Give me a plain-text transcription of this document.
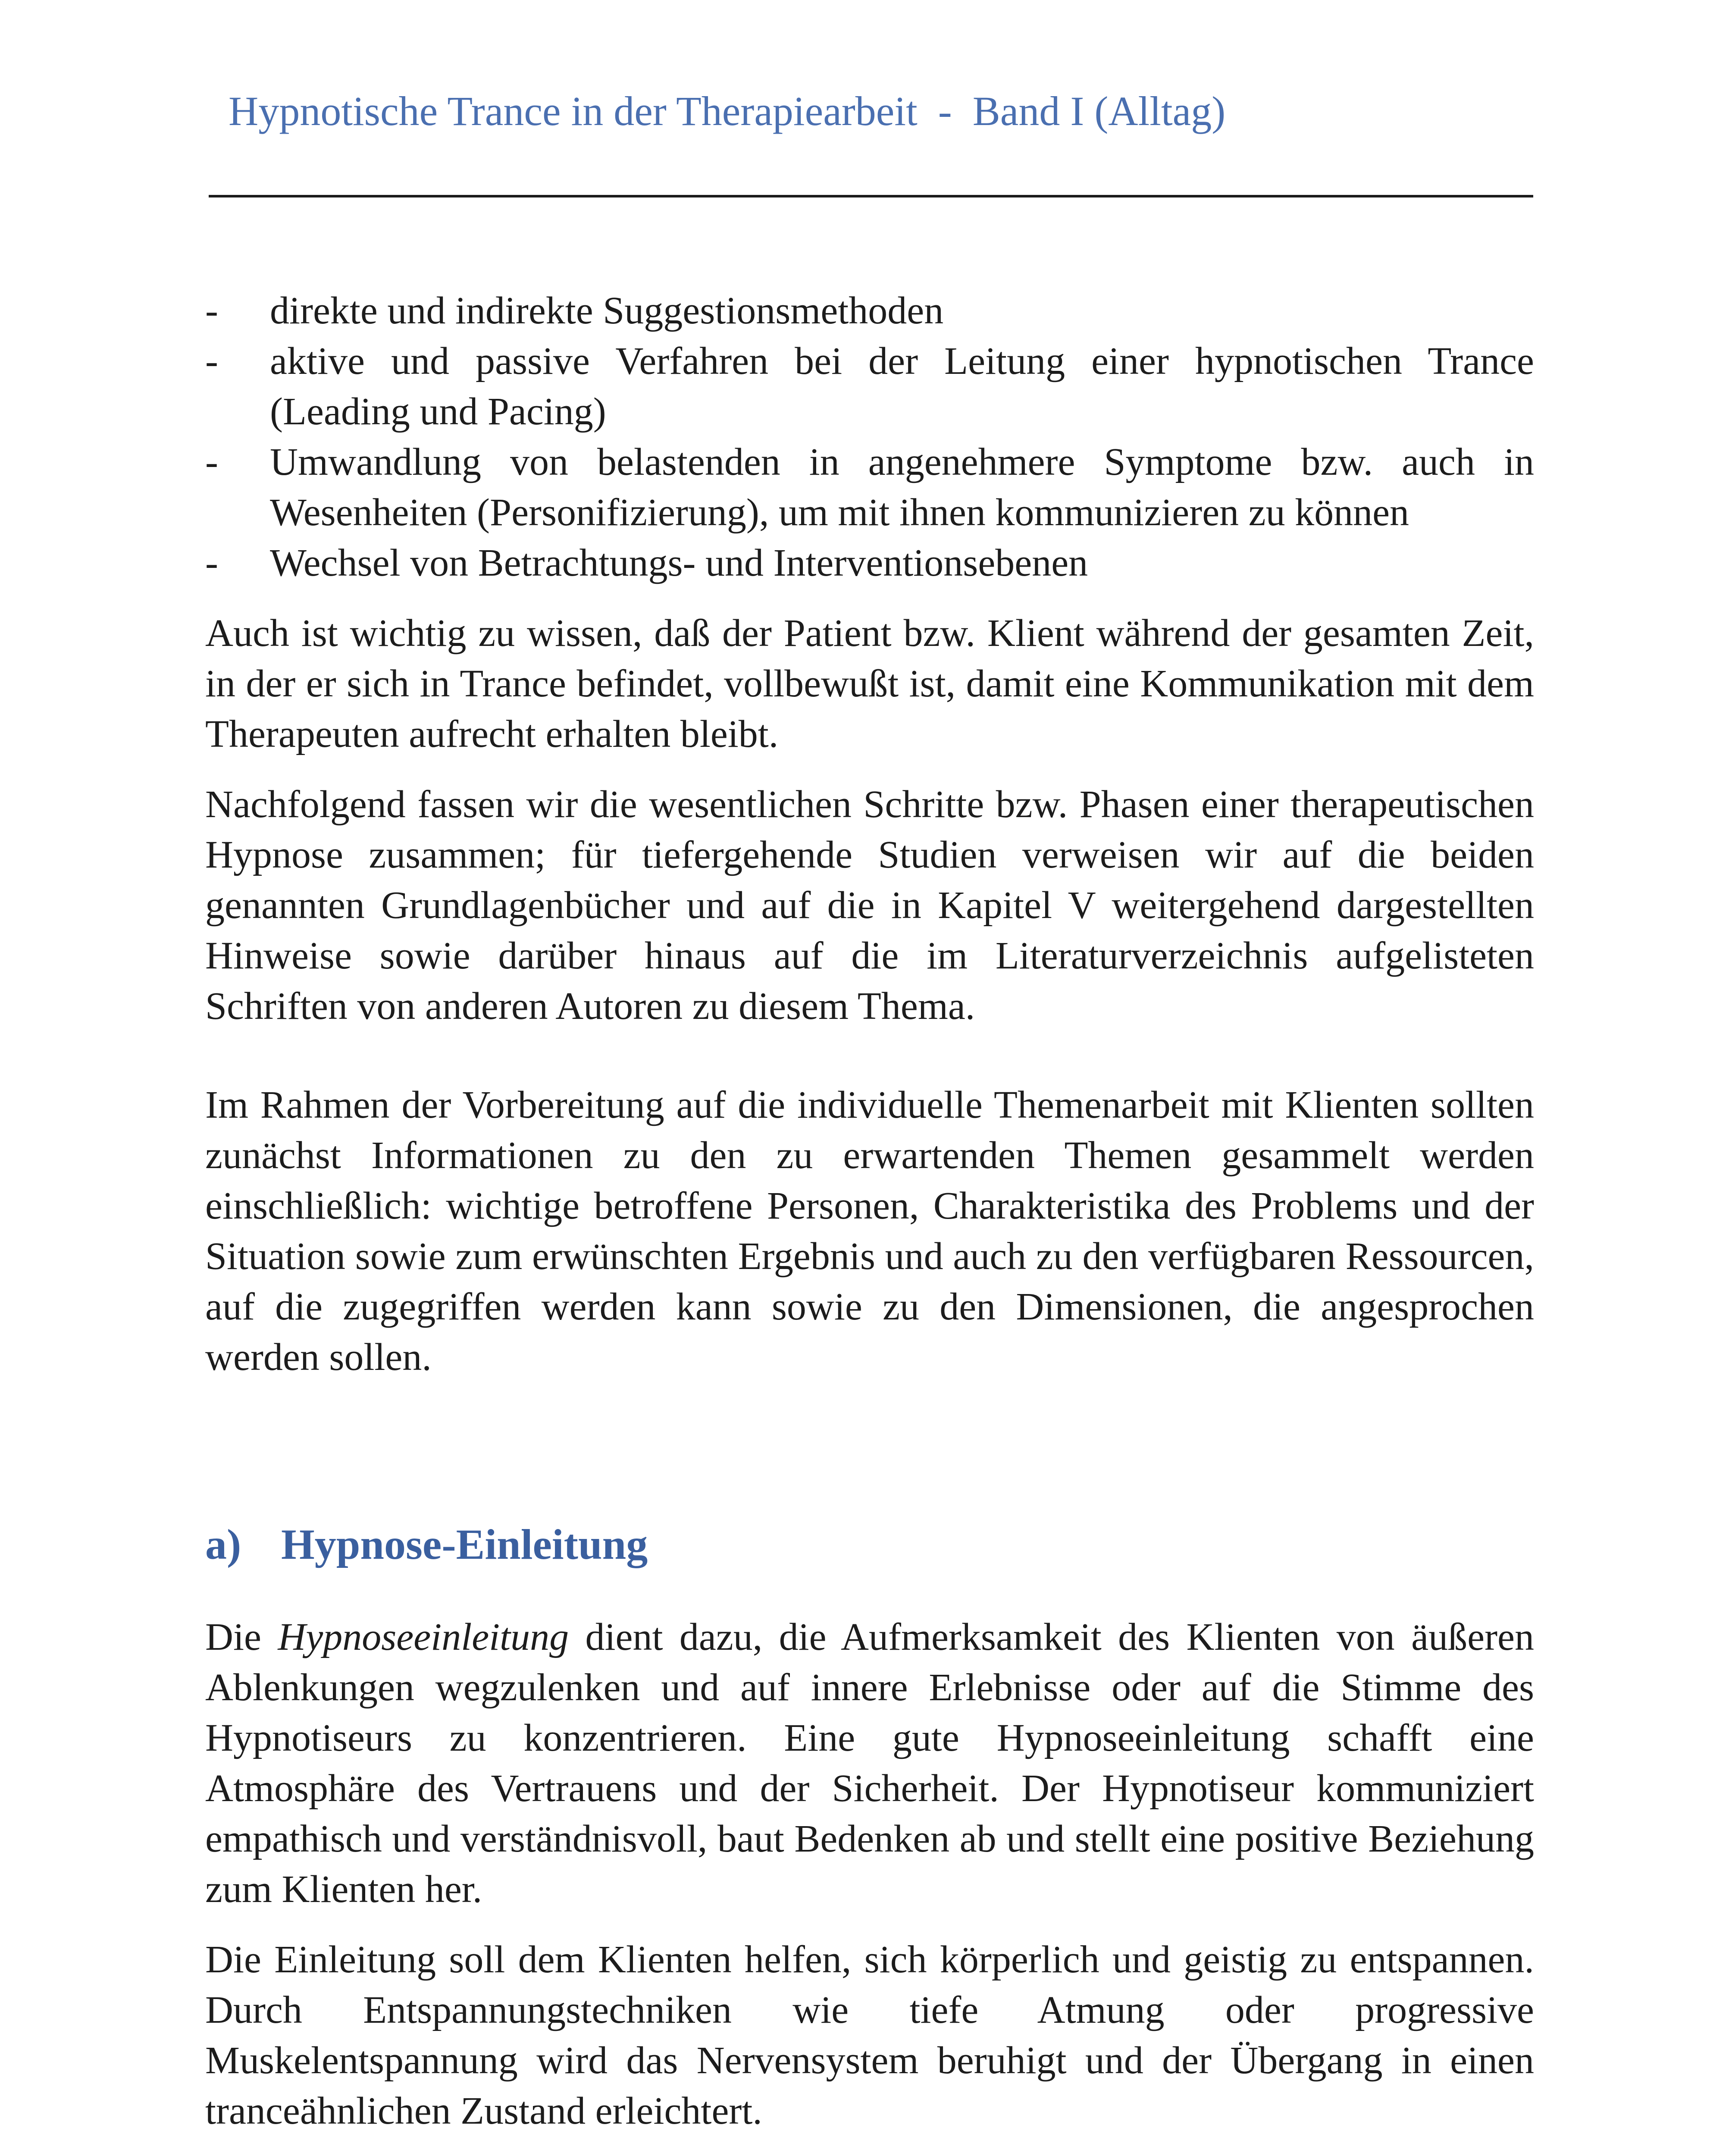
Hypnotische Trance in der Therapiearbeit  -  Band I (Alltag)
- direkte und indirekte Suggestionsmethoden
- aktive und passive Verfahren bei der Leitung einer hypnotischen Trance (Leading und Pacing)
- Umwandlung von belastenden in angenehmere Symptome bzw. auch in Wesenheiten (Personifizierung), um mit ihnen kommunizieren zu können
- Wechsel von Betrachtungs- und Interventionsebenen

Auch ist wichtig zu wissen, daß der Patient bzw. Klient während der gesamten Zeit, in der er sich in Trance befindet, vollbewußt ist, damit eine Kommunikation mit dem Therapeuten aufrecht erhalten bleibt.

Nachfolgend fassen wir die wesentlichen Schritte bzw. Phasen einer therapeutischen Hypnose zusammen; für tiefergehende Studien verweisen wir auf die beiden genannten Grundlagenbücher und auf die in Kapitel V weitergehend dargestellten Hinweise sowie darüber hinaus auf die im Literaturverzeichnis aufgelisteten Schriften von anderen Autoren zu diesem Thema.

Im Rahmen der Vorbereitung auf die individuelle Themenarbeit mit Klienten sollten zunächst Informationen zu den zu erwartenden Themen gesammelt werden einschließlich: wichtige betroffene Personen, Charakteristika des Problems und der Situation sowie zum erwünschten Ergebnis und auch zu den verfügbaren Ressourcen, auf die zugegriffen werden kann sowie zu den Dimensionen, die angesprochen werden sollen.

a) Hypnose-Einleitung

Die Hypnoseeinleitung dient dazu, die Aufmerksamkeit des Klienten von äußeren Ablenkungen wegzulenken und auf innere Erlebnisse oder auf die Stimme des Hypnotiseurs zu konzentrieren. Eine gute Hypnoseeinleitung schafft eine Atmosphäre des Vertrauens und der Sicherheit. Der Hypnotiseur kommuniziert empathisch und verständnisvoll, baut Bedenken ab und stellt eine positive Beziehung zum Klienten her.

Die Einleitung soll dem Klienten helfen, sich körperlich und geistig zu entspannen. Durch Entspannungstechniken wie tiefe Atmung oder progressive Muskelentspannung wird das Nervensystem beruhigt und der Übergang in einen tranceähnlichen Zustand erleichtert.
